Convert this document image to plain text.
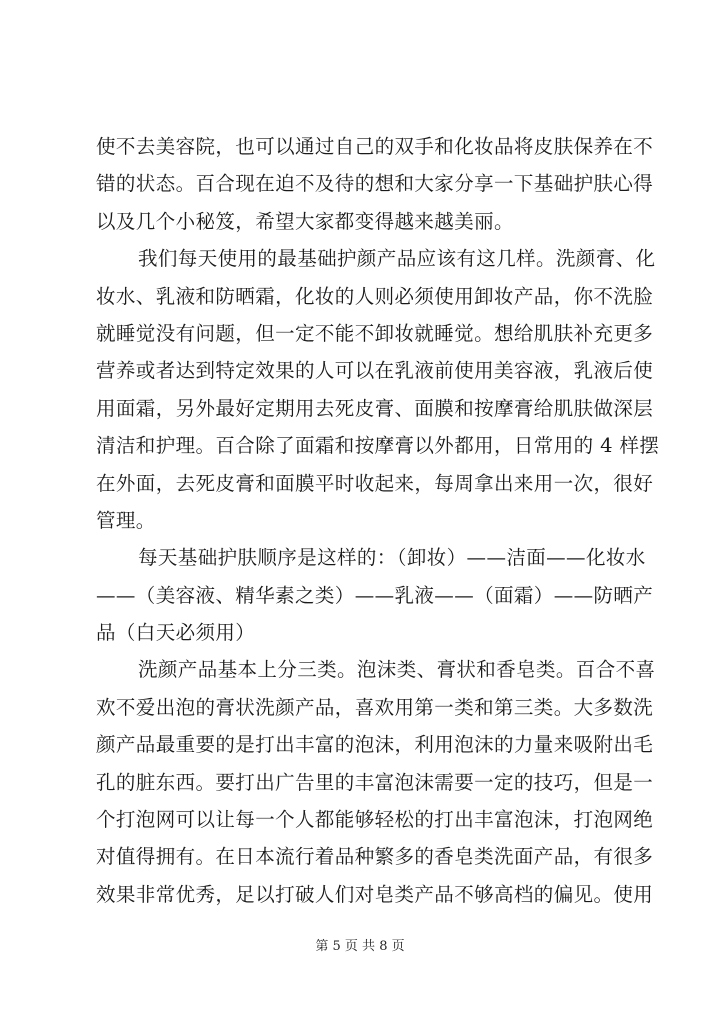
使不去美容院，也可以通过自己的双手和化妆品将皮肤保养在不
错的状态。百合现在迫不及待的想和大家分享一下基础护肤心得
以及几个小秘笈，希望大家都变得越来越美丽。
我们每天使用的最基础护颜产品应该有这几样。洗颜膏、化
妆水、乳液和防晒霜，化妆的人则必须使用卸妆产品，你不洗脸
就睡觉没有问题，但一定不能不卸妆就睡觉。想给肌肤补充更多
营养或者达到特定效果的人可以在乳液前使用美容液，乳液后使
用面霜，另外最好定期用去死皮膏、面膜和按摩膏给肌肤做深层
清洁和护理。百合除了面霜和按摩膏以外都用，日常用的 4 样摆
在外面，去死皮膏和面膜平时收起来，每周拿出来用一次，很好
管理。
每天基础护肤顺序是这样的：（卸妆）——洁面——化妆水
——（美容液、精华素之类）——乳液——（面霜）——防晒产
品（白天必须用）
洗颜产品基本上分三类。泡沫类、膏状和香皂类。百合不喜
欢不爱出泡的膏状洗颜产品，喜欢用第一类和第三类。大多数洗
颜产品最重要的是打出丰富的泡沫，利用泡沫的力量来吸附出毛
孔的脏东西。要打出广告里的丰富泡沫需要一定的技巧，但是一
个打泡网可以让每一个人都能够轻松的打出丰富泡沫，打泡网绝
对值得拥有。在日本流行着品种繁多的香皂类洗面产品，有很多
效果非常优秀，足以打破人们对皂类产品不够高档的偏见。使用
第 5 页 共 8 页
